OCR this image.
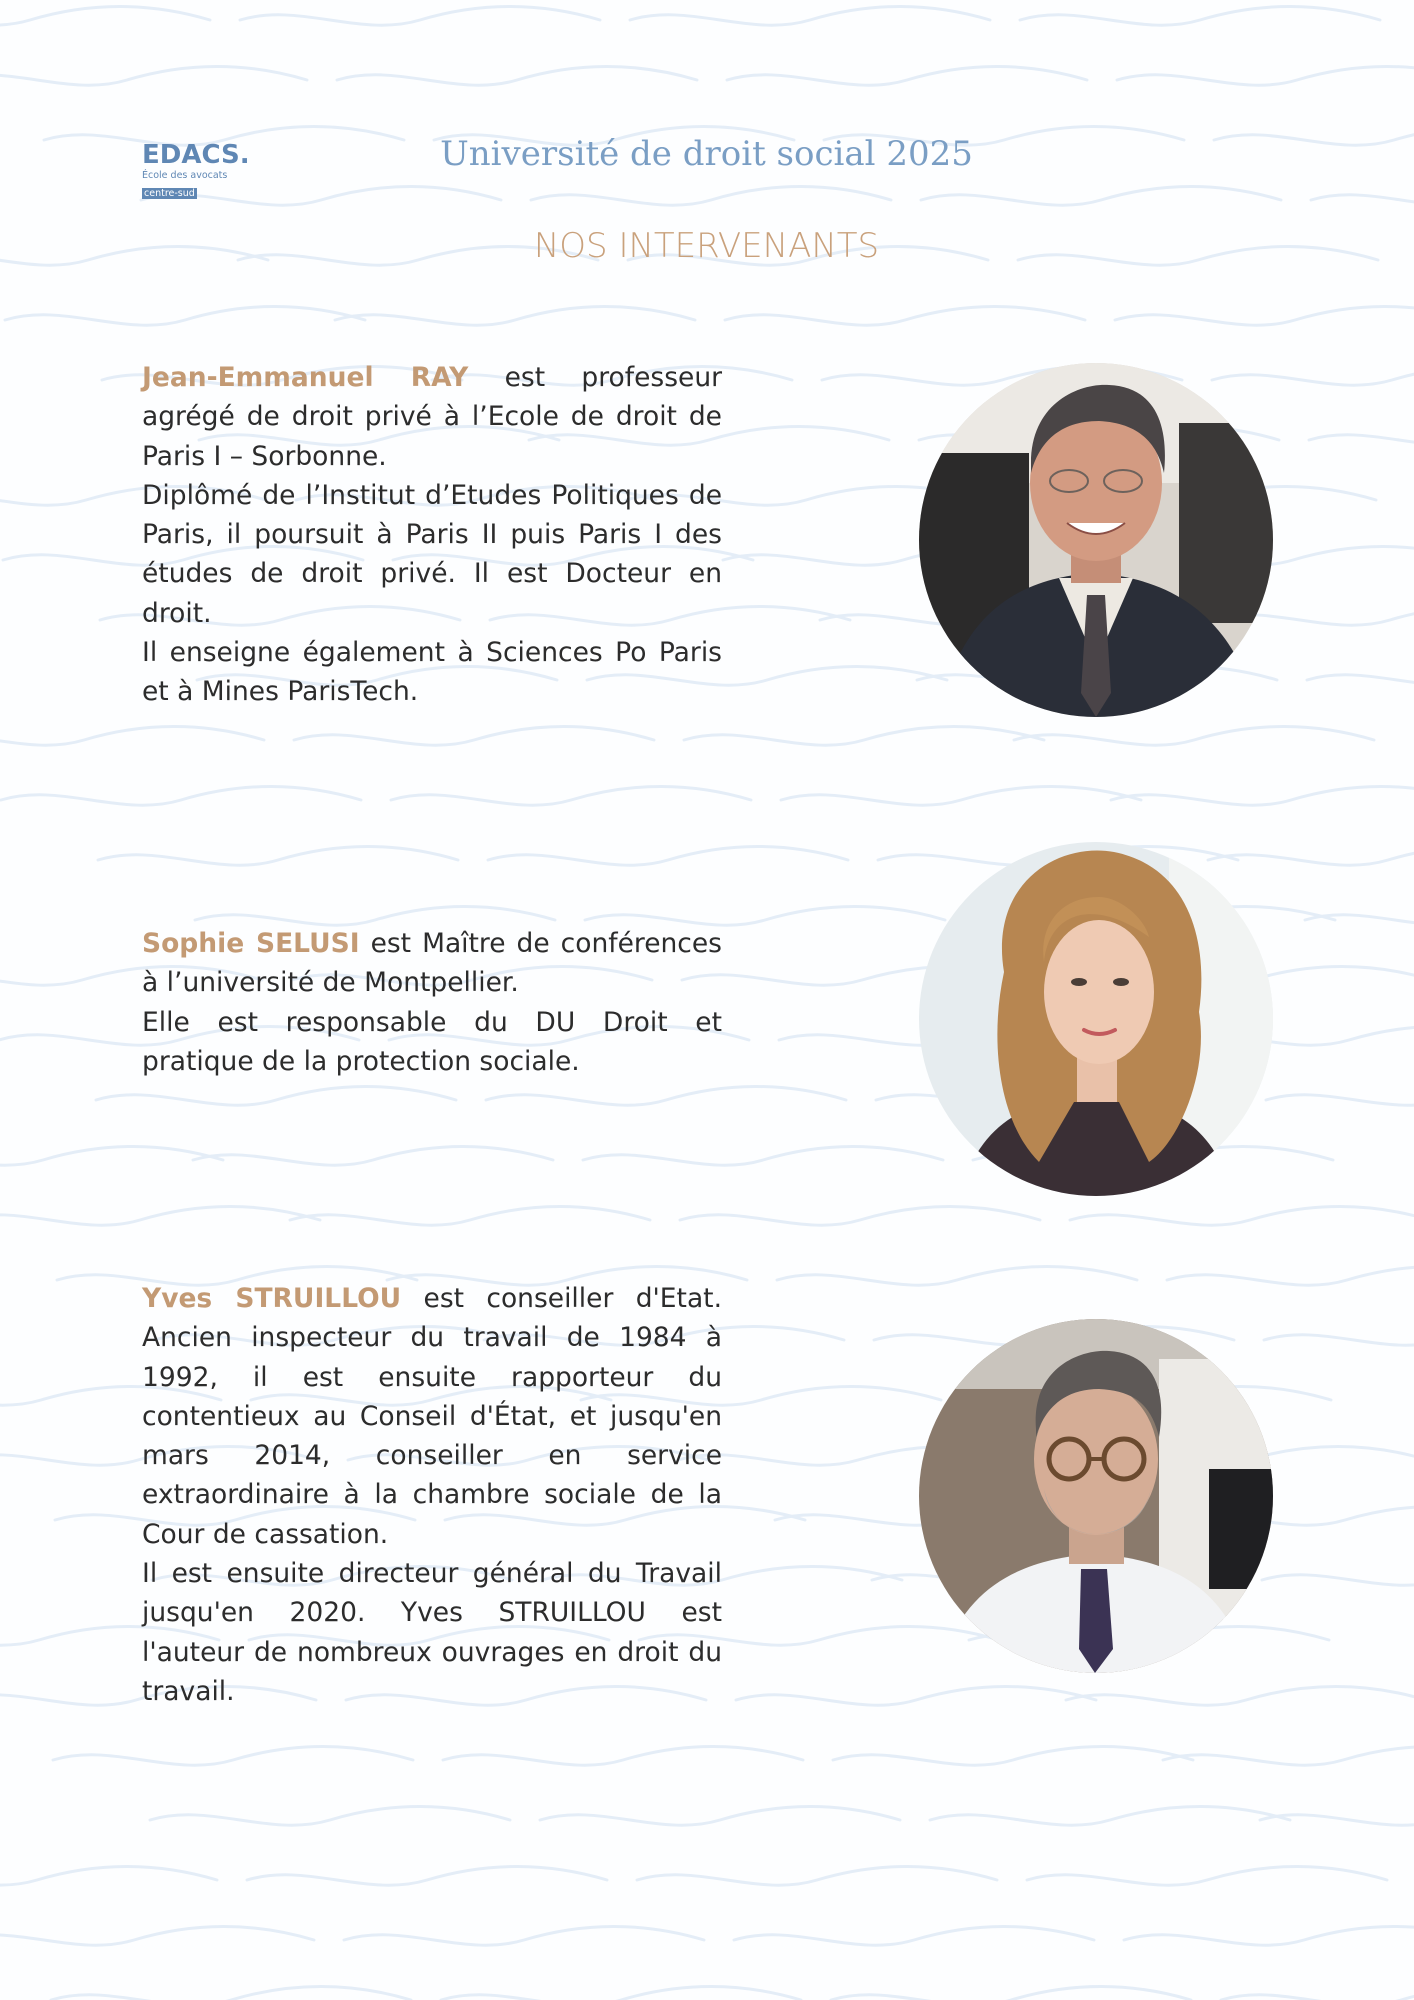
EDACS.
École des avocats
centre-sud
Université de droit social 2025
NOS INTERVENANTS

Jean-Emmanuel RAY est professeur agrégé de droit privé à l’Ecole de droit de Paris I – Sorbonne.

Diplômé de l’Institut d’Etudes Politiques de Paris, il poursuit à Paris II puis Paris I des études de droit privé. Il est Docteur en droit.

Il enseigne également à Sciences Po Paris et à Mines ParisTech.

Sophie SELUSI est Maître de conférences à l’université de Montpellier.

Elle est responsable du DU Droit et pratique de la protection sociale.

Yves STRUILLOU est conseiller d'Etat. Ancien inspecteur du travail de 1984 à 1992, il est ensuite rapporteur du contentieux au Conseil d'État, et jusqu'en mars 2014, conseiller en service extraordinaire à la chambre sociale de la Cour de cassation.

Il est ensuite directeur général du Travail jusqu'en 2020. Yves STRUILLOU est l'auteur de nombreux ouvrages en droit du travail.
